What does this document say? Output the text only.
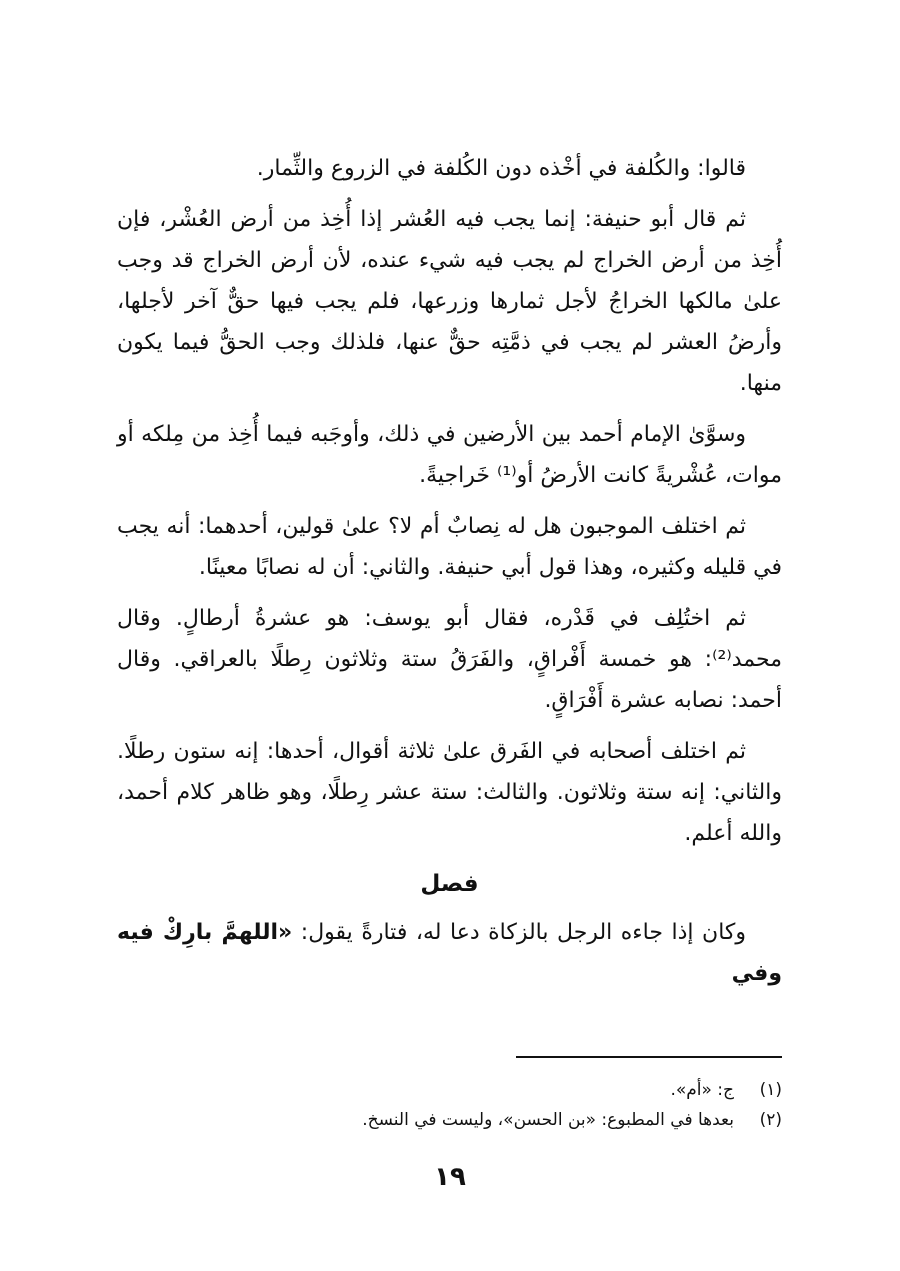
قالوا: والكُلفة في أخْذه دون الكُلفة في الزروع والثِّمار.

ثم قال أبو حنيفة: إنما يجب فيه العُشر إذا أُخِذ من أرض العُشْر، فإن أُخِذ من أرض الخراج لم يجب فيه شيء عنده، لأن أرض الخراج قد وجب علىٰ مالكها الخراجُ لأجل ثمارها وزرعها، فلم يجب فيها حقٌّ آخر لأجلها، وأرضُ العشر لم يجب في ذمَّتِه حقٌّ عنها، فلذلك وجب الحقُّ فيما يكون منها.

وسوَّىٰ الإمام أحمد بين الأرضين في ذلك، وأوجَبه فيما أُخِذ من مِلكه أو موات، عُشْريةً كانت الأرضُ أو⁽¹⁾ خَراجيةً.

ثم اختلف الموجبون هل له نِصابٌ أم لا؟ علىٰ قولين، أحدهما: أنه يجب في قليله وكثيره، وهذا قول أبي حنيفة. والثاني: أن له نصابًا معينًا.

ثم اختُلِف في قَدْره، فقال أبو يوسف: هو عشرةُ أرطالٍ. وقال محمد⁽²⁾: هو خمسة أَفْراقٍ، والفَرَقُ ستة وثلاثون رِطلًا بالعراقي. وقال أحمد: نصابه عشرة أَفْرَاقٍ.

ثم اختلف أصحابه في الفَرق علىٰ ثلاثة أقوال، أحدها: إنه ستون رطلًا. والثاني: إنه ستة وثلاثون. والثالث: ستة عشر رِطلًا، وهو ظاهر كلام أحمد، والله أعلم.

فصل

وكان إذا جاءه الرجل بالزكاة دعا له، فتارةً يقول: «اللهمَّ بارِكْ فيه وفي

(١)
ج: «أم».

(٢)
بعدها في المطبوع: «بن الحسن»، وليست في النسخ.

١٩
